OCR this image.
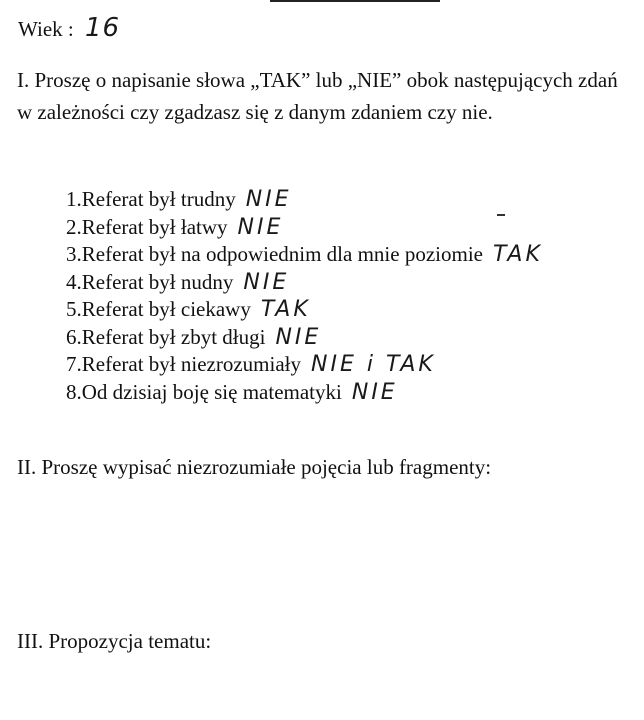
Wiek : 16
I. Proszę o napisanie słowa „TAK” lub „NIE” obok następujących zdań w zależności czy zgadzasz się z danym zdaniem czy nie.
1.Referat był trudny NIE
2.Referat był łatwy NIE
3.Referat był na odpowiednim dla mnie poziomie TAK
4.Referat był nudny NIE
5.Referat był ciekawy TAK
6.Referat był zbyt długi NIE
7.Referat był niezrozumiały NIE i TAK
8.Od dzisiaj boję się matematyki NIE
II. Proszę wypisać niezrozumiałe pojęcia lub fragmenty:
III. Propozycja tematu:
